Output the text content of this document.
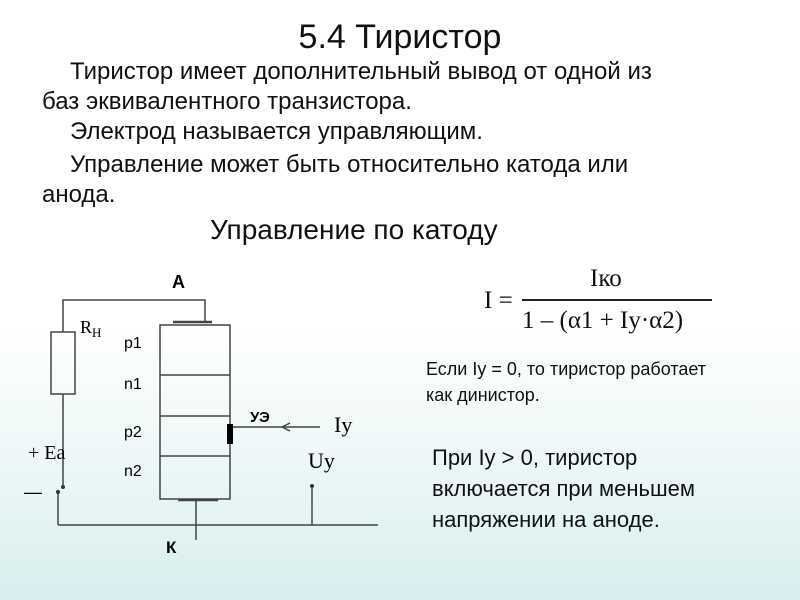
5.4 Тиристор
Тиристор имеет дополнительный вывод от одной из
баз эквивалентного транзистора.
Электрод называется управляющим.
Управление может быть относительно катода или
анода.
Управление по катоду
А
К
$R_Н$
p1
n1
p2
n2
УЭ	Iy
Uy
+ Ea
—
I =
Iко
1 – (α1 + Iy·α2)
Если Iy = 0, то тиристор работает
как динистор.
При Iy > 0, тиристор
включается при меньшем
напряжении на аноде.
